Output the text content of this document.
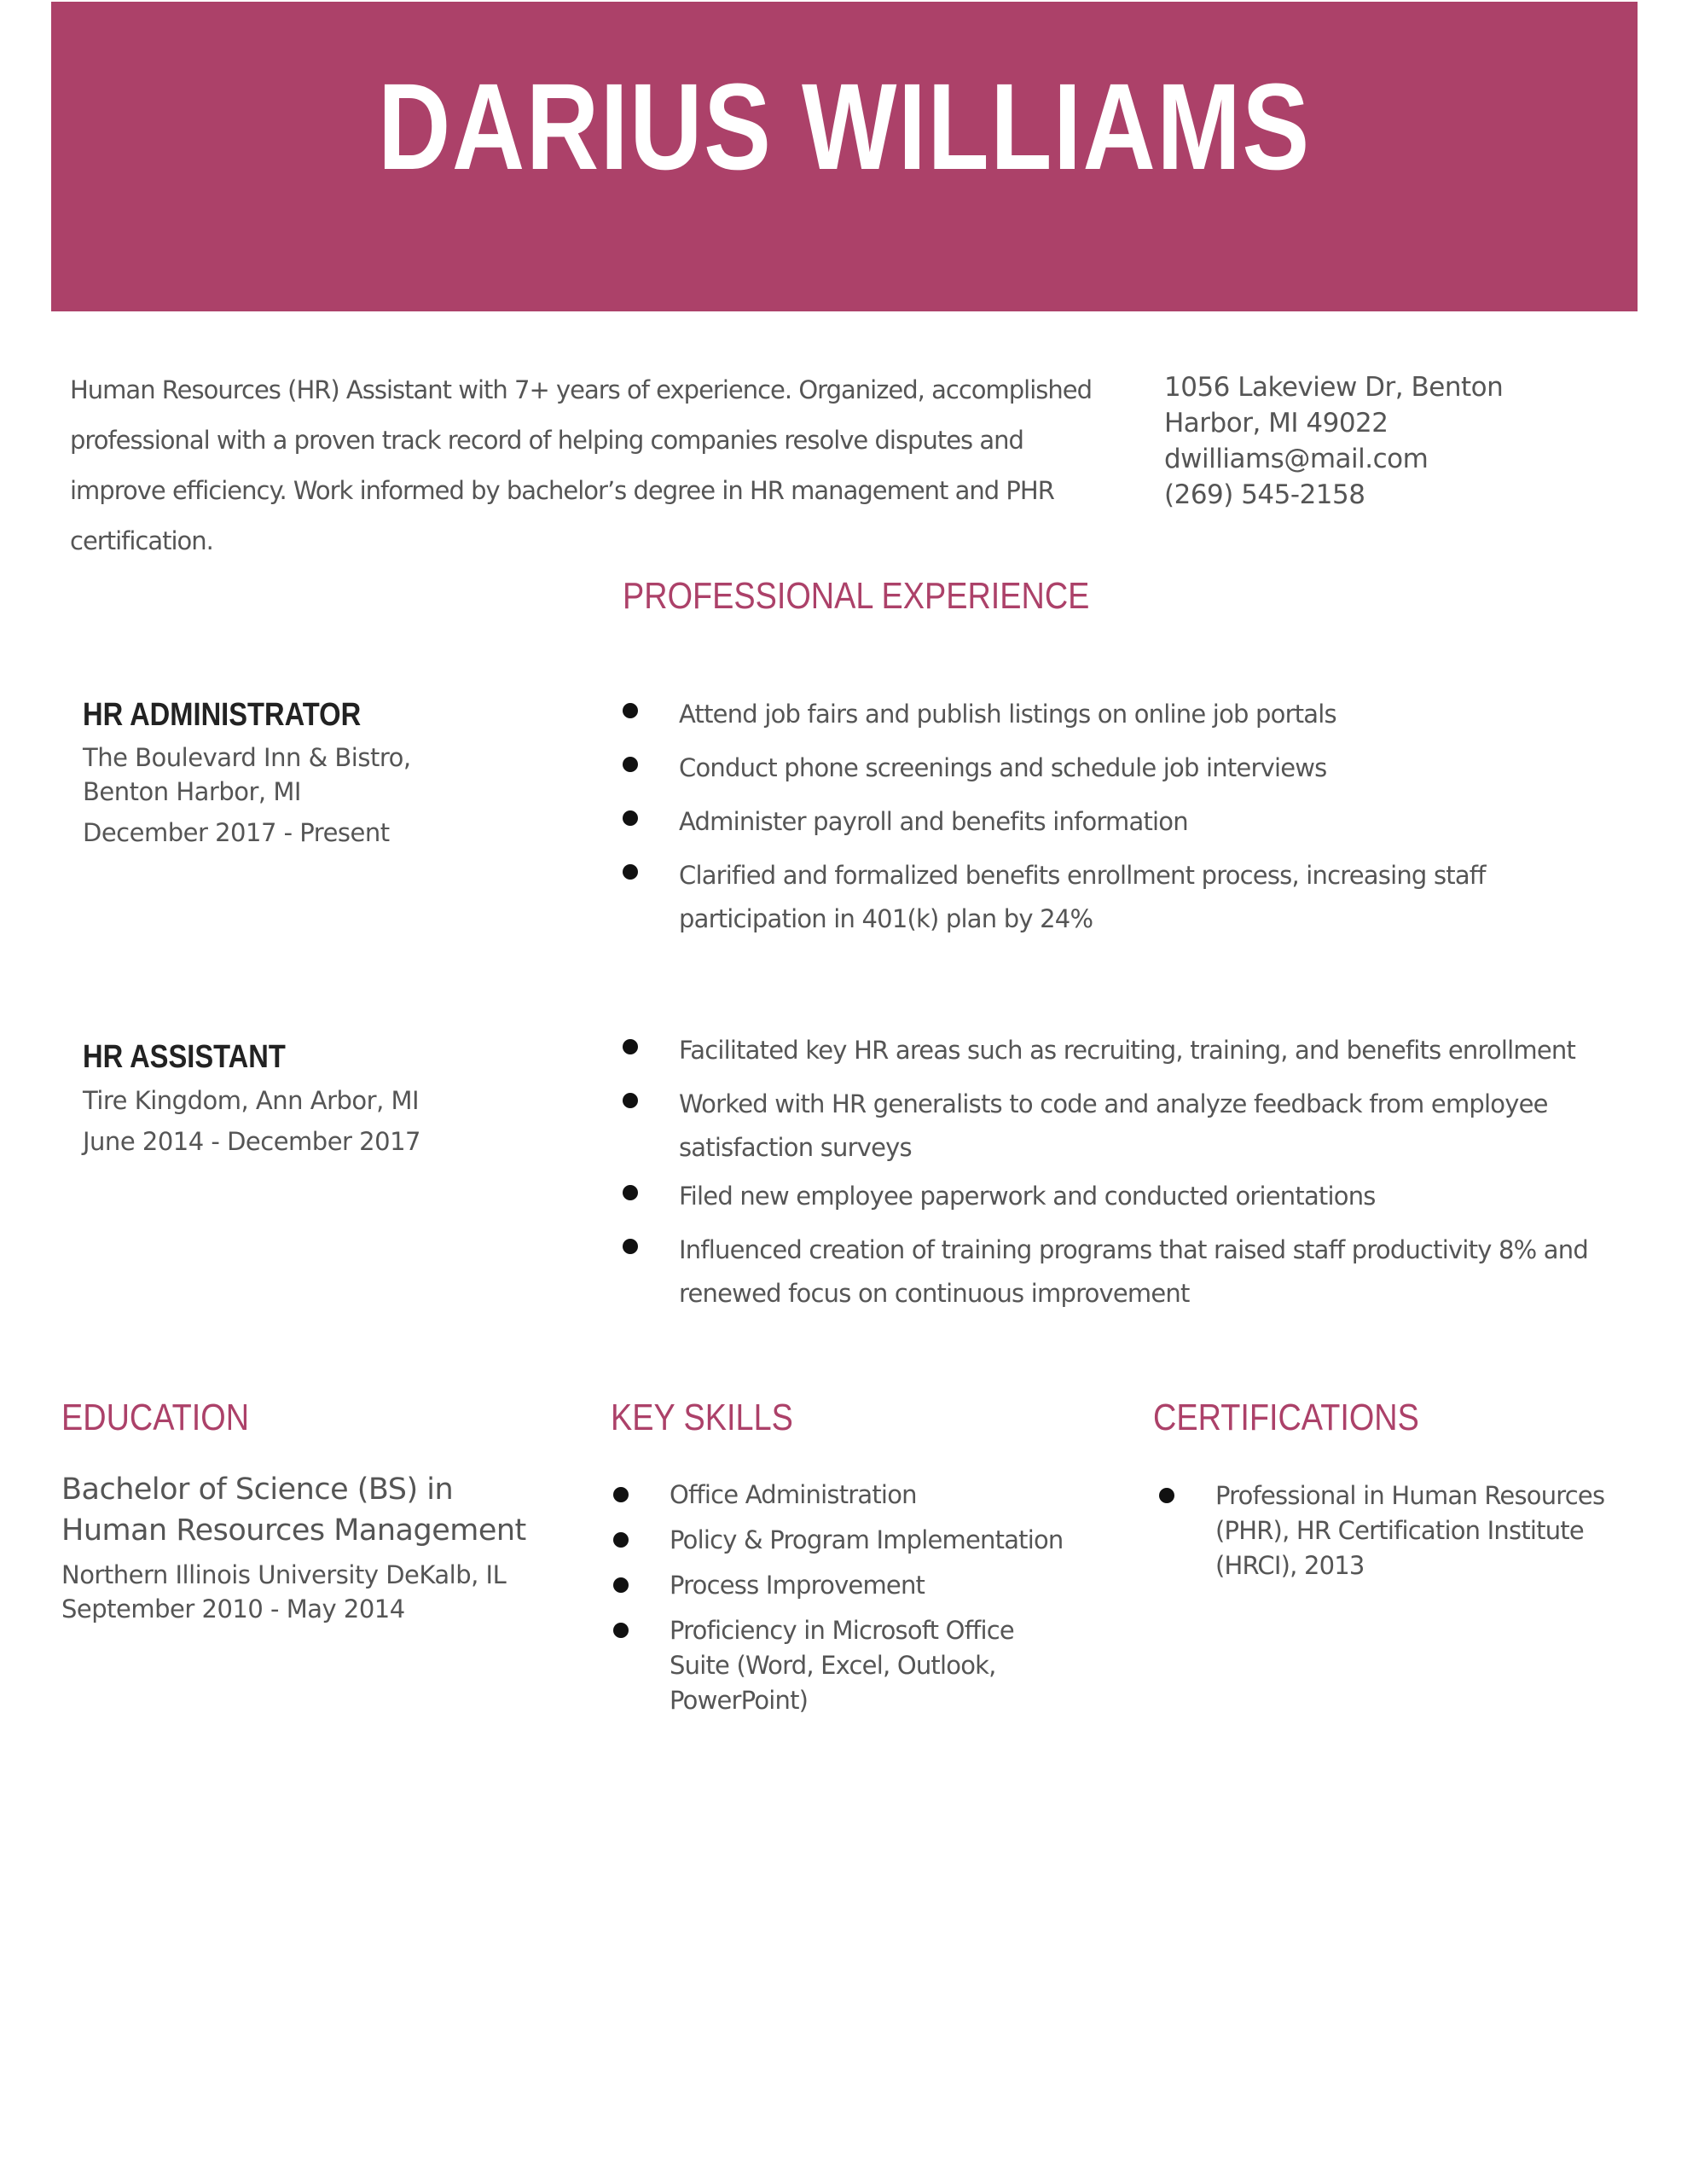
DARIUS WILLIAMS
Human Resources (HR) Assistant with 7+ years of experience. Organized, accomplished professional with a proven track record of helping companies resolve disputes and improve efficiency. Work informed by bachelor’s degree in HR management and PHR certification.
1056 Lakeview Dr, Benton
Harbor, MI 49022
dwilliams@mail.com
(269) 545-2158
PROFESSIONAL EXPERIENCE
HR ADMINISTRATOR
The Boulevard Inn & Bistro,
Benton Harbor, MI
December 2017 - Present
Attend job fairs and publish listings on online job portals
Conduct phone screenings and schedule job interviews
Administer payroll and benefits information
Clarified and formalized benefits enrollment process, increasing staff participation in 401(k) plan by 24%
HR ASSISTANT
Tire Kingdom, Ann Arbor, MI
June 2014 - December 2017
Facilitated key HR areas such as recruiting, training, and benefits enrollment
Worked with HR generalists to code and analyze feedback from employee satisfaction surveys
Filed new employee paperwork and conducted orientations
Influenced creation of training programs that raised staff productivity 8% and renewed focus on continuous improvement
EDUCATION
Bachelor of Science (BS) in Human Resources Management
Northern Illinois University DeKalb, IL
September 2010 - May 2014
KEY SKILLS
Office Administration
Policy & Program Implementation
Process Improvement
Proficiency in Microsoft Office Suite (Word, Excel, Outlook, PowerPoint)
CERTIFICATIONS
Professional in Human Resources (PHR), HR Certification Institute (HRCI), 2013
